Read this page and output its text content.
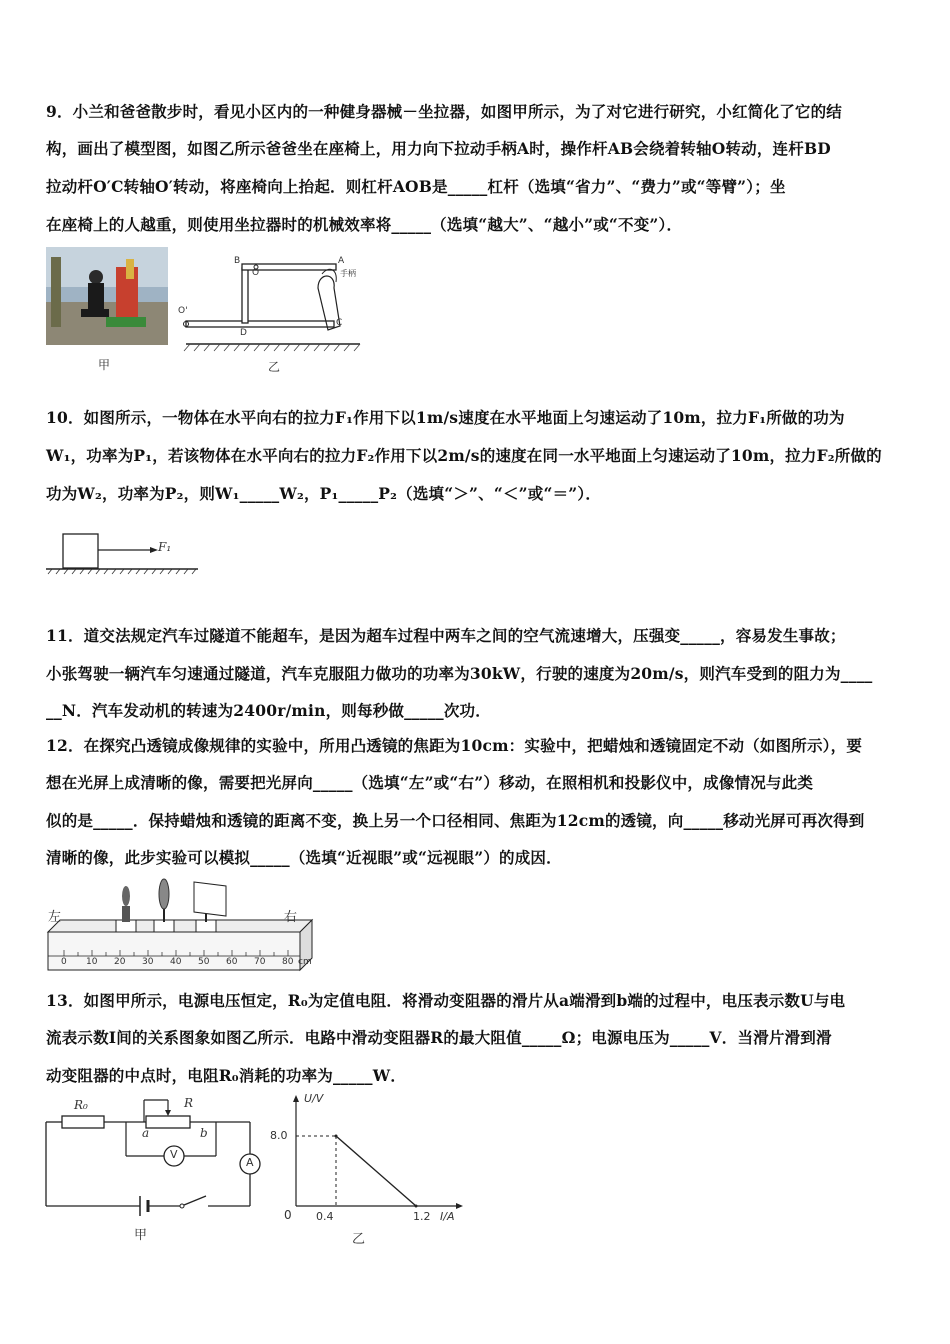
9．小兰和爸爸散步时，看见小区内的一种健身器械－坐拉器，如图甲所示，为了对它进行研究，小红简化了它的结
构，画出了模型图，如图乙所示爸爸坐在座椅上，用力向下拉动手柄A时，操作杆AB会绕着转轴O转动，连杆BD
拉动杆O′C转轴O′转动，将座椅向上抬起．则杠杆AOB是_____杠杆（选填“省力”、“费力”或“等臂”）；坐
在座椅上的人越重，则使用坐拉器时的机械效率将_____（选填“越大”、“越小”或“不变”）．
甲
B
O
A
手柄
O'
D
C
乙
10．如图所示，一物体在水平向右的拉力F₁作用下以1m/s速度在水平地面上匀速运动了10m，拉力F₁所做的功为
W₁，功率为P₁，若该物体在水平向右的拉力F₂作用下以2m/s的速度在同一水平地面上匀速运动了10m，拉力F₂所做的
功为W₂，功率为P₂，则W₁_____W₂，P₁_____P₂（选填“＞”、“＜”或“＝”）．
F₁
11．道交法规定汽车过隧道不能超车，是因为超车过程中两车之间的空气流速增大，压强变_____，容易发生事故；
小张驾驶一辆汽车匀速通过隧道，汽车克服阻力做功的功率为30kW，行驶的速度为20m/s，则汽车受到的阻力为____
__N．汽车发动机的转速为2400r/min，则每秒做_____次功．
12．在探究凸透镜成像规律的实验中，所用凸透镜的焦距为10cm：实验中，把蜡烛和透镜固定不动（如图所示），要
想在光屏上成清晰的像，需要把光屏向_____（选填“左”或“右”）移动，在照相机和投影仪中，成像情况与此类
似的是_____．保持蜡烛和透镜的距离不变，换上另一个口径相同、焦距为12cm的透镜，向_____移动光屏可再次得到
清晰的像，此步实验可以模拟_____（选填“近视眼”或“远视眼”）的成因．
左	右
0 10 20 30 40 50 60 70 80 cm
13．如图甲所示，电源电压恒定，R₀为定值电阻．将滑动变阻器的滑片从a端滑到b端的过程中，电压表示数U与电
流表示数I间的关系图象如图乙所示．电路中滑动变阻器R的最大阻值_____Ω；电源电压为_____V．当滑片滑到滑
动变阻器的中点时，电阻R₀消耗的功率为_____W．
R₀	R
a	b
V
A
甲
U/V
0
8.0
0.4	1.2 I/A
乙
